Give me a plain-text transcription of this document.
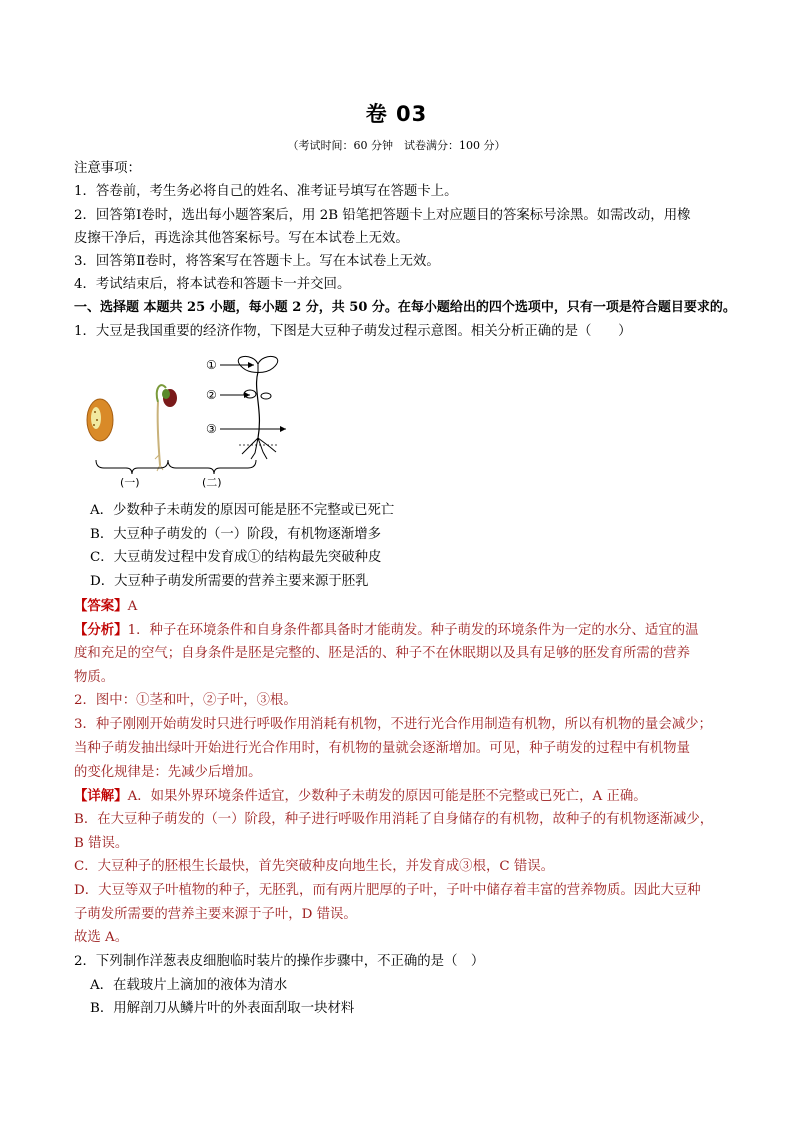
卷 03
（考试时间：60 分钟　试卷满分：100 分）
注意事项：
1．答卷前，考生务必将自己的姓名、准考证号填写在答题卡上。
2．回答第Ⅰ卷时，选出每小题答案后，用 2B 铅笔把答题卡上对应题目的答案标号涂黑。如需改动，用橡
皮擦干净后，再选涂其他答案标号。写在本试卷上无效。
3．回答第Ⅱ卷时，将答案写在答题卡上。写在本试卷上无效。
4．考试结束后，将本试卷和答题卡一并交回。
一、选择题 本题共 25 小题，每小题 2 分，共 50 分。在每小题给出的四个选项中，只有一项是符合题目要求的。
1．大豆是我国重要的经济作物，下图是大豆种子萌发过程示意图。相关分析正确的是（　　）
①
②
③
(一)	(二)
A．少数种子未萌发的原因可能是胚不完整或已死亡
B．大豆种子萌发的（一）阶段，有机物逐渐增多
C．大豆萌发过程中发育成①的结构最先突破种皮
D．大豆种子萌发所需要的营养主要来源于胚乳
【答案】A
【分析】1．种子在环境条件和自身条件都具备时才能萌发。种子萌发的环境条件为一定的水分、适宜的温
度和充足的空气；自身条件是胚是完整的、胚是活的、种子不在休眠期以及具有足够的胚发育所需的营养
物质。
2．图中：①茎和叶，②子叶，③根。
3．种子刚刚开始萌发时只进行呼吸作用消耗有机物，不进行光合作用制造有机物，所以有机物的量会减少；
当种子萌发抽出绿叶开始进行光合作用时，有机物的量就会逐渐增加。可见，种子萌发的过程中有机物量
的变化规律是：先减少后增加。
【详解】A．如果外界环境条件适宜，少数种子未萌发的原因可能是胚不完整或已死亡，A 正确。
B．在大豆种子萌发的（一）阶段，种子进行呼吸作用消耗了自身储存的有机物，故种子的有机物逐渐减少，
B 错误。
C．大豆种子的胚根生长最快，首先突破种皮向地生长，并发育成③根，C 错误。
D．大豆等双子叶植物的种子，无胚乳，而有两片肥厚的子叶，子叶中储存着丰富的营养物质。因此大豆种
子萌发所需要的营养主要来源于子叶，D 错误。
故选 A。
2．下列制作洋葱表皮细胞临时装片的操作步骤中，不正确的是（　）
A．在载玻片上滴加的液体为清水
B．用解剖刀从鳞片叶的外表面刮取一块材料
